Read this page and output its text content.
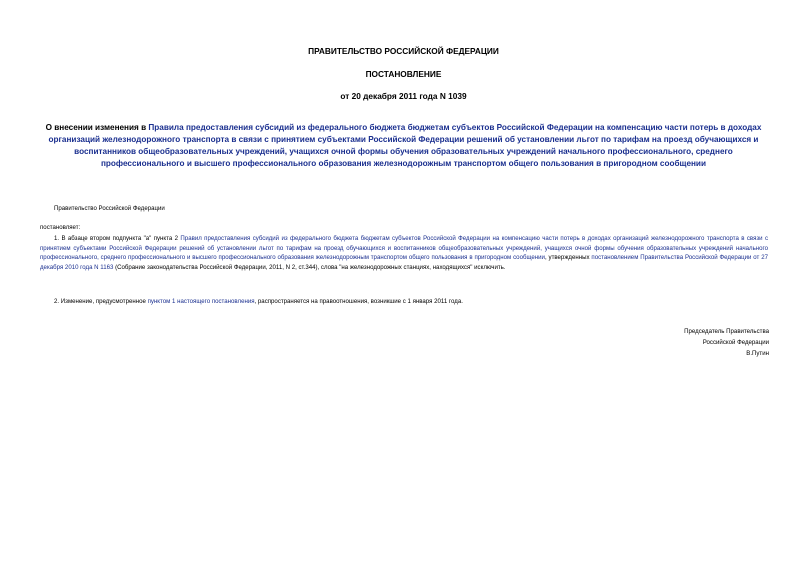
ПРАВИТЕЛЬСТВО РОССИЙСКОЙ ФЕДЕРАЦИИ
ПОСТАНОВЛЕНИЕ
от 20 декабря 2011 года N 1039
О внесении изменения в Правила предоставления субсидий из федерального бюджета бюджетам субъектов Российской Федерации на компенсацию части потерь в доходах организаций железнодорожного транспорта в связи с принятием субъектами Российской Федерации решений об установлении льгот по тарифам на проезд обучающихся и воспитанников общеобразовательных учреждений, учащихся очной формы обучения образовательных учреждений начального профессионального, среднего профессионального и высшего профессионального образования железнодорожным транспортом общего пользования в пригородном сообщении
Правительство Российской Федерации
постановляет:
1. В абзаце втором подпункта "а" пункта 2 Правил предоставления субсидий из федерального бюджета бюджетам субъектов Российской Федерации на компенсацию части потерь в доходах организаций железнодорожного транспорта в связи с принятием субъектами Российской Федерации решений об установлении льгот по тарифам на проезд обучающихся и воспитанников общеобразовательных учреждений, учащихся очной формы обучения образовательных учреждений начального профессионального, среднего профессионального и высшего профессионального образования железнодорожным транспортом общего пользования в пригородном сообщении, утвержденных постановлением Правительства Российской Федерации от 27 декабря 2010 года N 1163 (Собрание законодательства Российской Федерации, 2011, N 2, ст.344), слова "на железнодорожных станциях, находящихся" исключить.
2. Изменение, предусмотренное пунктом 1 настоящего постановления, распространяется на правоотношения, возникшие с 1 января 2011 года.
Председатель Правительства
Российской Федерации
В.Путин
